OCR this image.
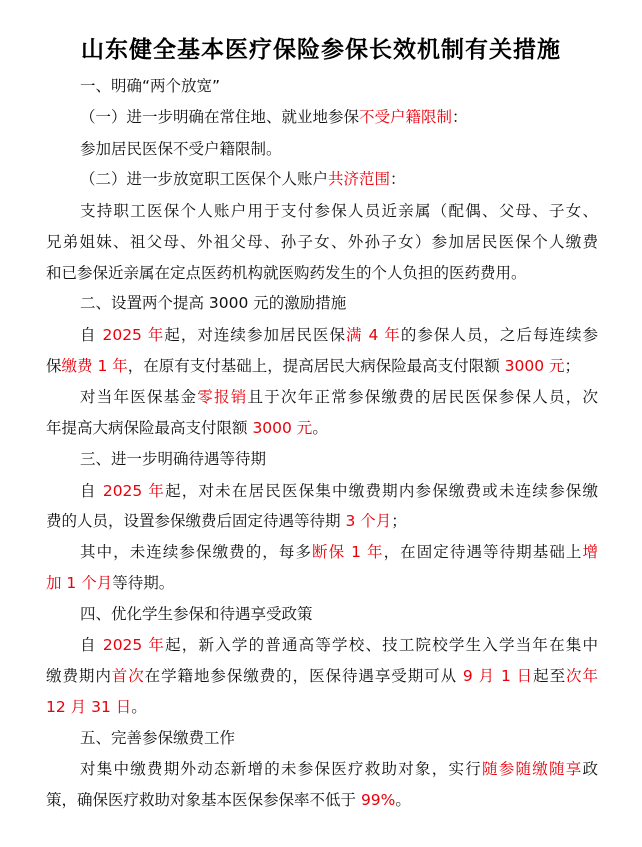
山东健全基本医疗保险参保长效机制有关措施
一、明确“两个放宽”
（一）进一步明确在常住地、就业地参保不受户籍限制：
参加居民医保不受户籍限制。
（二）进一步放宽职工医保个人账户共济范围：
支持职工医保个人账户用于支付参保人员近亲属（配偶、父母、子女、
兄弟姐妹、祖父母、外祖父母、孙子女、外孙子女）参加居民医保个人缴费
和已参保近亲属在定点医药机构就医购药发生的个人负担的医药费用。
二、设置两个提高 3000 元的激励措施
自 2025 年起，对连续参加居民医保满 4 年的参保人员，之后每连续参
保缴费 1 年，在原有支付基础上，提高居民大病保险最高支付限额 3000 元；
对当年医保基金零报销且于次年正常参保缴费的居民医保参保人员，次
年提高大病保险最高支付限额 3000 元。
三、进一步明确待遇等待期
自 2025 年起，对未在居民医保集中缴费期内参保缴费或未连续参保缴
费的人员，设置参保缴费后固定待遇等待期 3 个月；
其中，未连续参保缴费的，每多断保 1 年，在固定待遇等待期基础上增
加 1 个月等待期。
四、优化学生参保和待遇享受政策
自 2025 年起，新入学的普通高等学校、技工院校学生入学当年在集中
缴费期内首次在学籍地参保缴费的，医保待遇享受期可从 9 月 1 日起至次年
12 月 31 日。
五、完善参保缴费工作
对集中缴费期外动态新增的未参保医疗救助对象，实行随参随缴随享政
策，确保医疗救助对象基本医保参保率不低于 99%。
